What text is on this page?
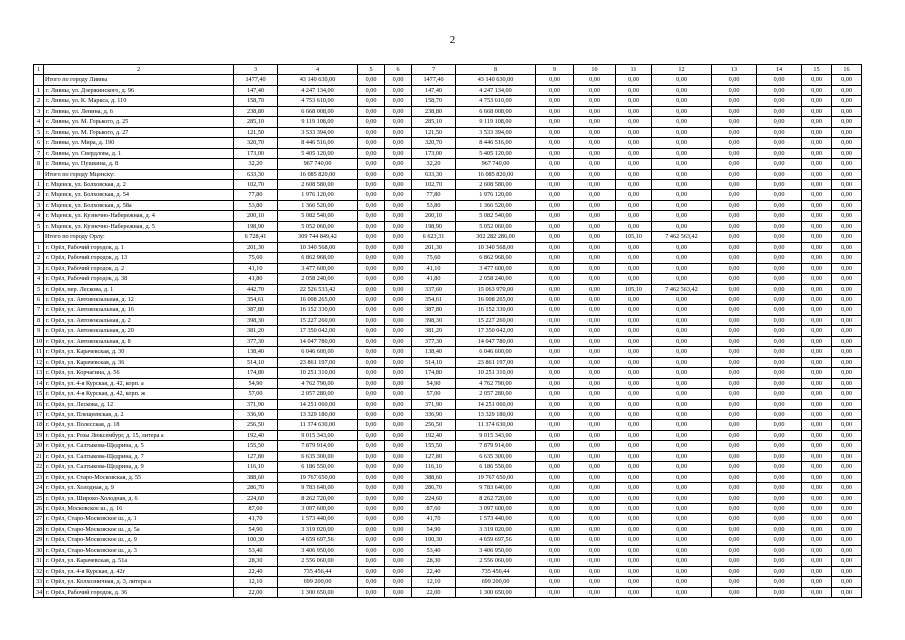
2
1	2	3	4	5	6	7	8	9	10	11	12	13	14	15	16
	Итого по городу Ливны	1477,40	43 140 630,00	0,00	0,00	1477,40	43 140 630,00	0,00	0,00	0,00	0,00	0,00	0,00	0,00	0,00
1	г. Ливны, ул. Дзержинского, д. 96	147,40	4 247 134,00	0,00	0,00	147,40	4 247 134,00	0,00	0,00	0,00	0,00	0,00	0,00	0,00	0,00
2	г. Ливны, ул. К. Маркса, д. 110	158,70	4 753 610,00	0,00	0,00	158,70	4 753 610,00	0,00	0,00	0,00	0,00	0,00	0,00	0,00	0,00
3	г. Ливны, ул. Ленина, д. 6	238,80	6 668 008,00	0,00	0,00	238,80	6 668 008,00	0,00	0,00	0,00	0,00	0,00	0,00	0,00	0,00
4	г. Ливны, ул. М. Горького, д. 25	285,10	9 119 108,00	0,00	0,00	285,10	9 119 108,00	0,00	0,00	0,00	0,00	0,00	0,00	0,00	0,00
5	г. Ливны, ул. М. Горького, д. 27	121,50	3 533 394,00	0,00	0,00	121,50	3 533 394,00	0,00	0,00	0,00	0,00	0,00	0,00	0,00	0,00
6	г. Ливны, ул. Мира, д. 190	320,70	8 446 516,00	0,00	0,00	320,70	8 446 516,00	0,00	0,00	0,00	0,00	0,00	0,00	0,00	0,00
7	г. Ливны, ул. Свердлова, д. 1	173,00	5 405 120,00	0,00	0,00	173,00	5 405 120,00	0,00	0,00	0,00	0,00	0,00	0,00	0,00	0,00
8	г. Ливны, ул. Пушкина, д. 8	32,20	967 740,00	0,00	0,00	32,20	967 740,00	0,00	0,00	0,00	0,00	0,00	0,00	0,00	0,00
	Итого по городу Мценску:	633,30	16 085 820,00	0,00	0,00	633,30	16 085 820,00	0,00	0,00	0,00	0,00	0,00	0,00	0,00	0,00
1	г. Мценск, ул. Болховская, д. 2	102,70	2 608 580,00	0,00	0,00	102,70	2 608 580,00	0,00	0,00	0,00	0,00	0,00	0,00	0,00	0,00
2	г. Мценск, ул. Болховская, д. 54	77,80	1 976 120,00	0,00	0,00	77,80	1 976 120,00	0,00	0,00	0,00	0,00	0,00	0,00	0,00	0,00
3	г. Мценск, ул. Болховская, д. 58а	53,80	1 366 520,00	0,00	0,00	53,80	1 366 520,00	0,00	0,00	0,00	0,00	0,00	0,00	0,00	0,00
4	г. Мценск, ул. Кузнечно-Набережная, д. 4	200,10	5 082 540,00	0,00	0,00	200,10	5 082 540,00	0,00	0,00	0,00	0,00	0,00	0,00	0,00	0,00
5	г. Мценск, ул. Кузнечно-Набережная, д. 5	198,90	5 052 060,00	0,00	0,00	198,90	5 052 060,00	0,00	0,00	0,00	0,00	0,00	0,00	0,00	0,00
	Итого по городу Орлу:	6 728,41	309 744 849,42	0,00	0,00	6 623,31	302 282 286,00	0,00	0,00	105,10	7 462 563,42	0,00	0,00	0,00	0,00
1	г. Орёл, Рабочий городок, д. 1	201,30	10 340 568,00	0,00	0,00	201,30	10 340 568,00	0,00	0,00	0,00	0,00	0,00	0,00	0,00	0,00
2	г. Орёл, Рабочий городок, д. 13	75,60	6 862 968,00	0,00	0,00	75,60	6 862 968,00	0,00	0,00	0,00	0,00	0,00	0,00	0,00	0,00
3	г. Орёл, Рабочий городок, д. 2	41,10	3 477 600,00	0,00	0,00	41,10	3 477 600,00	0,00	0,00	0,00	0,00	0,00	0,00	0,00	0,00
4	г. Орёл, Рабочий городок, д. 38	41,80	2 058 240,00	0,00	0,00	41,80	2 058 240,00	0,00	0,00	0,00	0,00	0,00	0,00	0,00	0,00
5	г. Орёл, пер. Лескова, д. 1	442,70	22 526 533,42	0,00	0,00	337,60	15 063 970,00	0,00	0,00	105,10	7 462 563,42	0,00	0,00	0,00	0,00
6	г. Орёл, ул. Автовокзальная, д. 12	354,61	16 008 265,00	0,00	0,00	354,61	16 008 265,00	0,00	0,00	0,00	0,00	0,00	0,00	0,00	0,00
7	г. Орёл, ул. Автовокзальная, д. 16	387,80	16 152 330,00	0,00	0,00	387,80	16 152 330,00	0,00	0,00	0,00	0,00	0,00	0,00	0,00	0,00
8	г. Орёл, ул. Автовокзальная, д. 2	398,30	15 227 260,00	0,00	0,00	398,30	15 227 260,00	0,00	0,00	0,00	0,00	0,00	0,00	0,00	0,00
9	г. Орёл, ул. Автовокзальная, д. 20	381,20	17 350 042,00	0,00	0,00	381,20	17 350 042,00	0,00	0,00	0,00	0,00	0,00	0,00	0,00	0,00
10	г. Орёл, ул. Автовокзальная, д. 8	377,30	14 047 780,00	0,00	0,00	377,30	14 047 780,00	0,00	0,00	0,00	0,00	0,00	0,00	0,00	0,00
11	г. Орёл, ул. Карачевская, д. 30	138,40	6 046 600,00	0,00	0,00	138,40	6 046 600,00	0,00	0,00	0,00	0,00	0,00	0,00	0,00	0,00
12	г. Орёл, ул. Карачевская, д. 36	514,10	23 861 197,00	0,00	0,00	514,10	23 861 197,00	0,00	0,00	0,00	0,00	0,00	0,00	0,00	0,00
13	г. Орёл, ул. Корчагина, д. 56	174,80	10 251 310,00	0,00	0,00	174,80	10 251 310,00	0,00	0,00	0,00	0,00	0,00	0,00	0,00	0,00
14	г. Орёл, ул. 4-я Курская, д. 42, корп. а	54,90	4 762 790,00	0,00	0,00	54,90	4 762 790,00	0,00	0,00	0,00	0,00	0,00	0,00	0,00	0,00
15	г. Орёл, ул. 4-я Курская, д. 42, корп. ж	57,00	2 057 280,00	0,00	0,00	57,00	2 057 280,00	0,00	0,00	0,00	0,00	0,00	0,00	0,00	0,00
16	г. Орёл, ул. Лескова, д. 12	371,90	14 251 060,00	0,00	0,00	371,90	14 251 060,00	0,00	0,00	0,00	0,00	0,00	0,00	0,00	0,00
17	г. Орёл, ул. Плещеевская, д. 2	336,90	13 329 180,00	0,00	0,00	336,90	13 329 180,00	0,00	0,00	0,00	0,00	0,00	0,00	0,00	0,00
18	г. Орёл, ул. Полесская, д. 18	256,50	11 374 630,00	0,00	0,00	256,50	11 374 630,00	0,00	0,00	0,00	0,00	0,00	0,00	0,00	0,00
19	г. Орёл, ул. Розы Люксембург, д. 15, литера а	192,40	9 015 343,00	0,00	0,00	192,40	9 015 343,00	0,00	0,00	0,00	0,00	0,00	0,00	0,00	0,00
20	г. Орёл, ул. Салтыкова-Щедрина, д. 5	155,50	7 879 914,00	0,00	0,00	155,50	7 879 914,00	0,00	0,00	0,00	0,00	0,00	0,00	0,00	0,00
21	г. Орёл, ул. Салтыкова-Щедрина, д. 7	127,80	6 635 300,00	0,00	0,00	127,80	6 635 300,00	0,00	0,00	0,00	0,00	0,00	0,00	0,00	0,00
22	г. Орёл, ул. Салтыкова-Щедрина, д. 9	116,10	6 186 550,00	0,00	0,00	116,10	6 186 550,00	0,00	0,00	0,00	0,00	0,00	0,00	0,00	0,00
23	г. Орёл, ул. Старо-Московская, д. 55	388,60	19 767 650,00	0,00	0,00	388,60	19 767 650,00	0,00	0,00	0,00	0,00	0,00	0,00	0,00	0,00
24	г. Орёл, ул. Холодная, д. 9	286,70	9 783 640,00	0,00	0,00	286,70	9 783 640,00	0,00	0,00	0,00	0,00	0,00	0,00	0,00	0,00
25	г. Орёл, ул. Широко-Холодная, д. 6	224,60	8 262 720,00	0,00	0,00	224,60	8 262 720,00	0,00	0,00	0,00	0,00	0,00	0,00	0,00	0,00
26	г. Орёл, Московское ш., д. 16	87,60	3 097 600,00	0,00	0,00	87,60	3 097 600,00	0,00	0,00	0,00	0,00	0,00	0,00	0,00	0,00
27	г. Орёл, Старо-Московское ш., д. 1	41,70	1 573 440,00	0,00	0,00	41,70	1 573 440,00	0,00	0,00	0,00	0,00	0,00	0,00	0,00	0,00
28	г. Орёл, Старо-Московское ш., д. 5а	54,90	3 319 020,00	0,00	0,00	54,90	3 319 020,00	0,00	0,00	0,00	0,00	0,00	0,00	0,00	0,00
29	г. Орёл, Старо-Московское ш., д. 9	100,30	4 659 697,56	0,00	0,00	100,30	4 659 697,56	0,00	0,00	0,00	0,00	0,00	0,00	0,00	0,00
30	г. Орёл, Старо-Московское ш., д. 3	53,40	3 406 950,00	0,00	0,00	53,40	3 406 950,00	0,00	0,00	0,00	0,00	0,00	0,00	0,00	0,00
31	г. Орёл, ул. Карачевская, д. 51а	28,30	2 556 060,00	0,00	0,00	28,30	2 556 060,00	0,00	0,00	0,00	0,00	0,00	0,00	0,00	0,00
32	г. Орёл, ул. 4-я Курская, д. 42г	22,40	735 456,44	0,00	0,00	22,40	735 456,44	0,00	0,00	0,00	0,00	0,00	0,00	0,00	0,00
33	г. Орёл, ул. Колхозничная, д. 3, литера а	12,10	699 200,00	0,00	0,00	12,10	699 200,00	0,00	0,00	0,00	0,00	0,00	0,00	0,00	0,00
34	г. Орёл, Рабочий городок, д. 36	22,00	1 300 650,00	0,00	0,00	22,00	1 300 650,00	0,00	0,00	0,00	0,00	0,00	0,00	0,00	0,00
